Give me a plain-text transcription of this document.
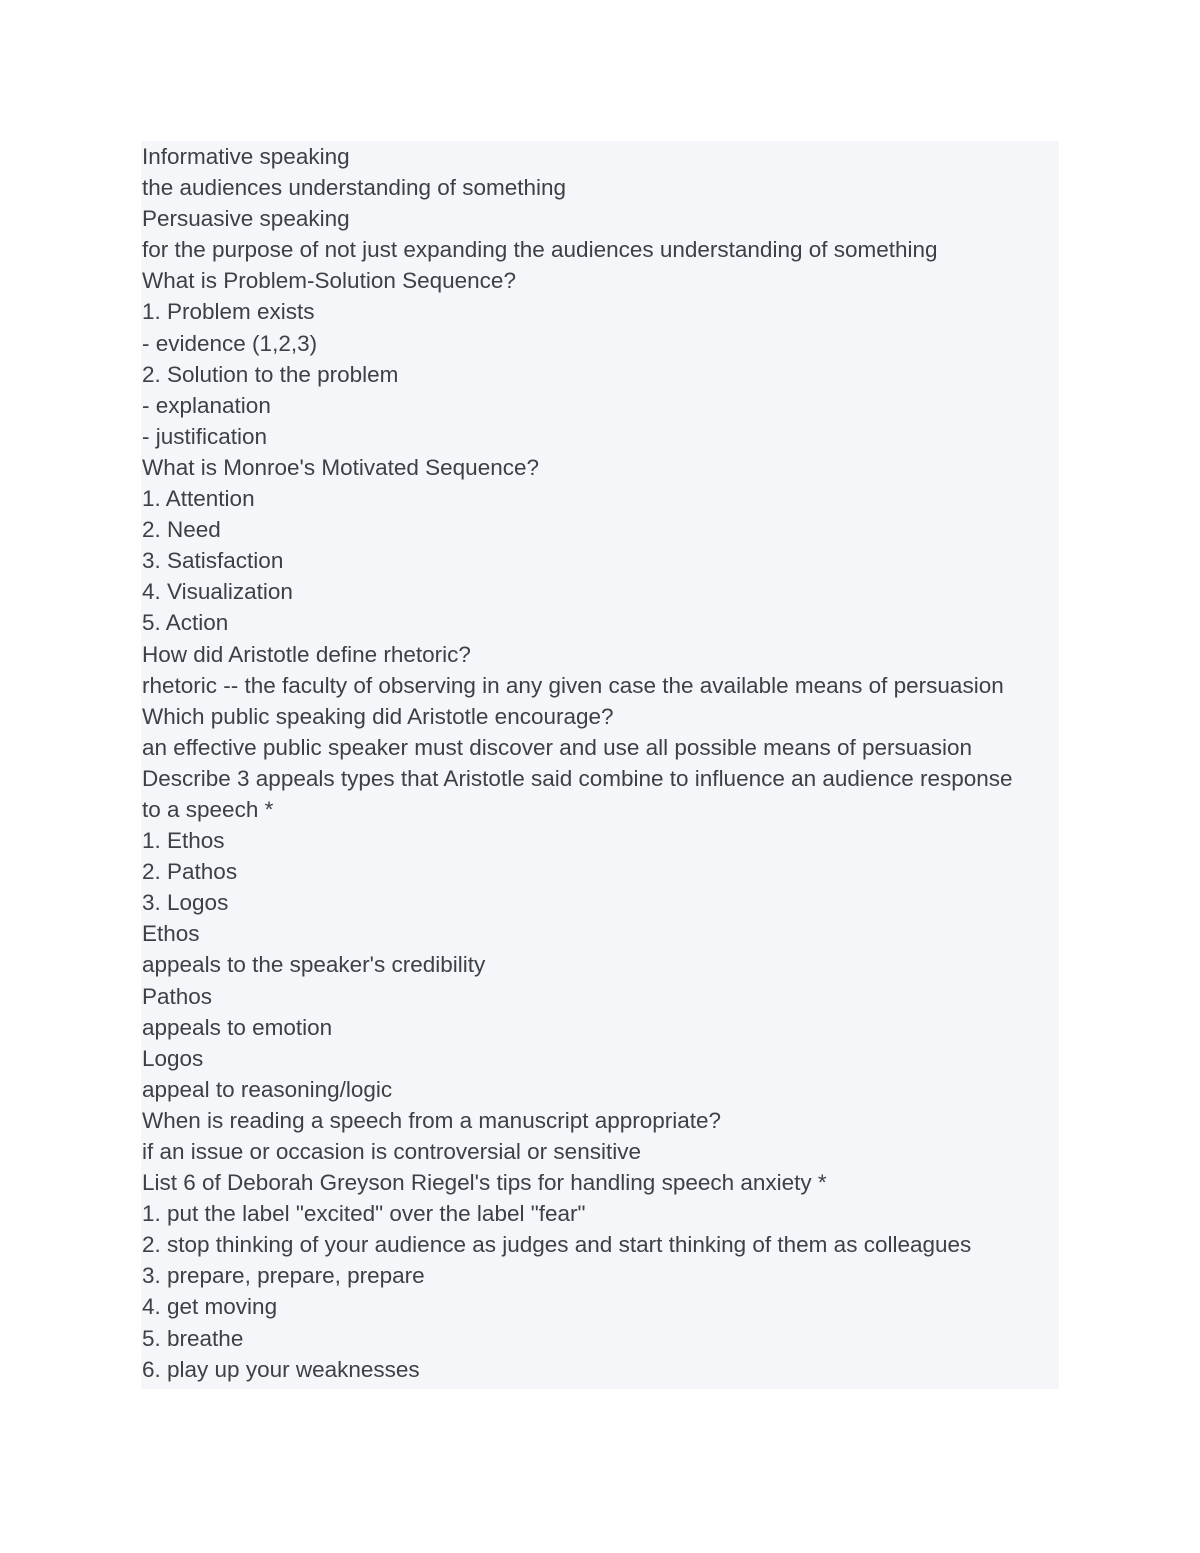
Informative speaking
the audiences understanding of something
Persuasive speaking
for the purpose of not just expanding the audiences understanding of something
What is Problem-Solution Sequence?
1. Problem exists
- evidence (1,2,3)
2. Solution to the problem
- explanation
- justification
What is Monroe's Motivated Sequence?
1. Attention
2. Need
3. Satisfaction
4. Visualization
5. Action
How did Aristotle define rhetoric?
rhetoric -- the faculty of observing in any given case the available means of persuasion
Which public speaking did Aristotle encourage?
an effective public speaker must discover and use all possible means of persuasion
Describe 3 appeals types that Aristotle said combine to influence an audience response
to a speech *
1. Ethos
2. Pathos
3. Logos
Ethos
appeals to the speaker's credibility
Pathos
appeals to emotion
Logos
appeal to reasoning/logic
When is reading a speech from a manuscript appropriate?
if an issue or occasion is controversial or sensitive
List 6 of Deborah Greyson Riegel's tips for handling speech anxiety *
1. put the label "excited" over the label "fear"
2. stop thinking of your audience as judges and start thinking of them as colleagues
3. prepare, prepare, prepare
4. get moving
5. breathe
6. play up your weaknesses
